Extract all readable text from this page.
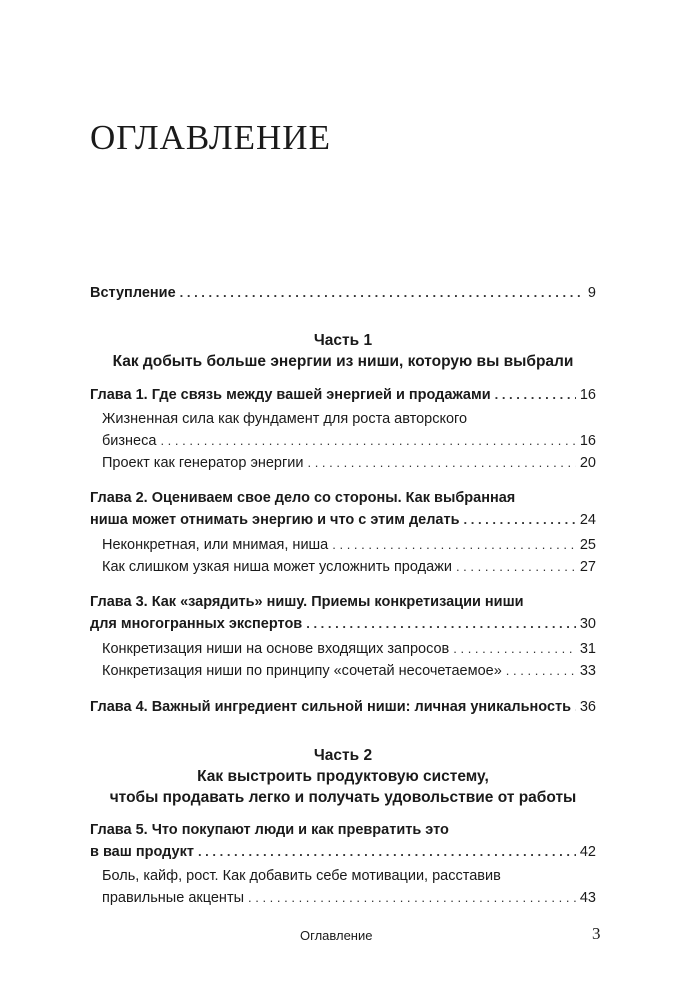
ОГЛАВЛЕНИЕ
Вступление . . .	9
Часть 1
Как добыть больше энергии из ниши, которую вы выбрали
Глава 1. Где связь между вашей энергией и продажами . . .	16
Жизненная сила как фундамент для роста авторского
бизнеса . . .	16
Проект как генератор энергии . . .	20
Глава 2. Оцениваем свое дело со стороны. Как выбранная
ниша может отнимать энергию и что с этим делать . . .	24
Неконкретная, или мнимая, ниша . . .	25
Как слишком узкая ниша может усложнить продажи . . .	27
Глава 3. Как «зарядить» нишу. Приемы конкретизации ниши
для многогранных экспертов . . .	30
Конкретизация ниши на основе входящих запросов . . .	31
Конкретизация ниши по принципу «сочетай несочетаемое» . . .	33
Глава 4. Важный ингредиент сильной ниши: личная уникальность . . . 36
Часть 2
Как выстроить продуктовую систему,
чтобы продавать легко и получать удовольствие от работы
Глава 5. Что покупают люди и как превратить это
в ваш продукт . . .	42
Боль, кайф, рост. Как добавить себе мотивации, расставив
правильные акценты . . .	43
Оглавление	3
